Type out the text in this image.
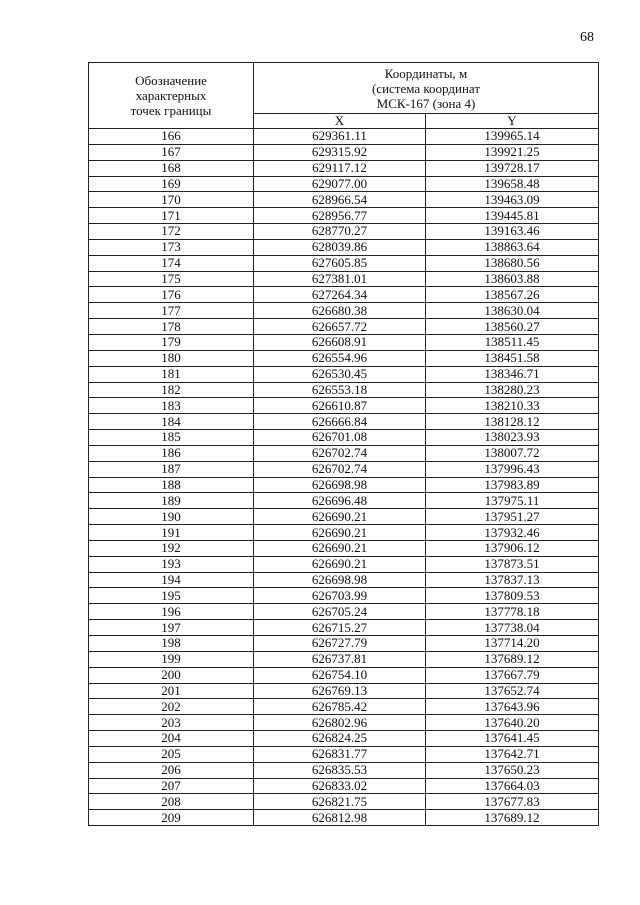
68
Обозначение
характерных
точек границы	Координаты, м
(система координат
МСК-167 (зона 4)	

	X	Y
166	629361.11	139965.14
167	629315.92	139921.25
168	629117.12	139728.17
169	629077.00	139658.48
170	628966.54	139463.09
171	628956.77	139445.81
172	628770.27	139163.46
173	628039.86	138863.64
174	627605.85	138680.56
175	627381.01	138603.88
176	627264.34	138567.26
177	626680.38	138630.04
178	626657.72	138560.27
179	626608.91	138511.45
180	626554.96	138451.58
181	626530.45	138346.71
182	626553.18	138280.23
183	626610.87	138210.33
184	626666.84	138128.12
185	626701.08	138023.93
186	626702.74	138007.72
187	626702.74	137996.43
188	626698.98	137983.89
189	626696.48	137975.11
190	626690.21	137951.27
191	626690.21	137932.46
192	626690.21	137906.12
193	626690.21	137873.51
194	626698.98	137837.13
195	626703.99	137809.53
196	626705.24	137778.18
197	626715.27	137738.04
198	626727.79	137714.20
199	626737.81	137689.12
200	626754.10	137667.79
201	626769.13	137652.74
202	626785.42	137643.96
203	626802.96	137640.20
204	626824.25	137641.45
205	626831.77	137642.71
206	626835.53	137650.23
207	626833.02	137664.03
208	626821.75	137677.83
209	626812.98	137689.12
